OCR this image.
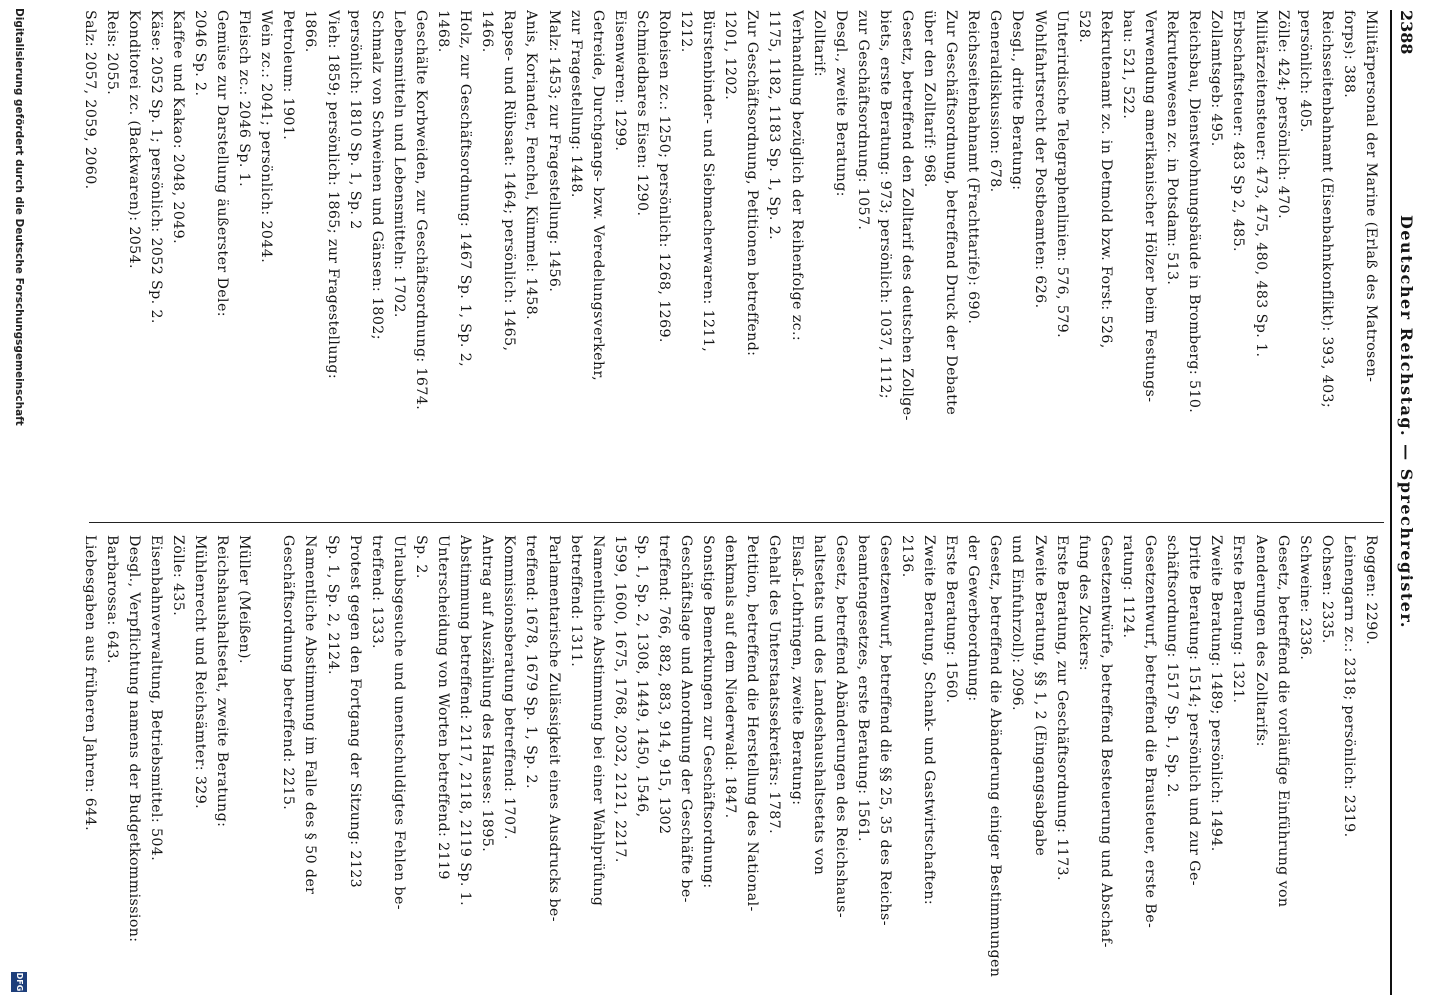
2388
Deutscher Reichstag. — Sprechregister.
Militärpersonal der Marine (Erlaß des Matrosen-
forps): 388.
Reichsseitenbahnamt (Eisenbahnkonflikt): 393, 403;
persönlich: 405.
Zölle: 424; persönlich: 470.
Militärzeitensteuer: 473, 475, 480, 483 Sp. 1.
Erbschaftsteuer: 483 Sp 2, 485.
Zollamtsgeb: 495.
Reichsbau, Dienstwohnungsbäude in Bromberg: 510.
Rekrutenwesen zc. in Potsdam: 513.
Verwendung amerikanischer Hölzer beim Festungs-
bau: 521, 522.
Rekrutenamt zc. in Detmold bzw. Forst: 526,
528.
Unterirdische Telegraphenlinien: 576, 579.
Wohlfahrtsrecht der Postbeamten: 626.
Desgl., dritte Beratung:
Generaldiskussion: 678.
Reichsseitenbahnamt (Frachttarife): 690.
Zur Geschäftsordnung, betreffend Druck der Debatte
über den Zolltarif: 968.
Gesetz, betreffend den Zolltarif des deutschen Zollge-
biets, erste Beratung: 973; persönlich: 1037, 1112;
zur Geschäftsordnung: 1057.
Desgl., zweite Beratung:
Zolltarif:
Verhandlung bezüglich der Reihenfolge zc.:
1175, 1182, 1183 Sp. 1, Sp. 2.
Zur Geschäftsordnung, Petitionen betreffend:
1201, 1202.
Bürstenbinder- und Siebmacherwaren: 1211,
1212.
Roheisen zc.: 1250; persönlich: 1268, 1269.
Schmiedbares Eisen: 1290.
Eisenwaren: 1299.
Getreide, Durchgangs- bzw. Veredelungsverkehr,
zur Fragestellung: 1448.
Malz: 1453; zur Fragestellung: 1456.
Anis, Koriander, Fenchel, Kümmel: 1458.
Rapse- und Rübsaat: 1464; persönlich: 1465,
1466.
Holz, zur Geschäftsordnung: 1467 Sp. 1, Sp. 2,
1468.
Geschälte Korbweiden, zur Geschäftsordnung: 1674.
Lebensmitteln und Lebensmitteln: 1702.
Schmalz von Schweinen und Gänsen: 1802;
persönlich: 1810 Sp. 1, Sp. 2
Vieh: 1859; persönlich: 1865; zur Fragestellung:
1866.
Petroleum: 1901.
Wein zc.: 2041; persönlich: 2044.
Fleisch zc.: 2046 Sp. 1.
Gemüse zur Darstellung äußerster Dele:
2046 Sp. 2.
Kaffee und Kakao: 2048, 2049.
Käse: 2052 Sp. 1; persönlich: 2052 Sp. 2.
Konditorei zc. (Backwaren): 2054.
Reis: 2055.
Salz: 2057, 2059, 2060.
Roggen: 2290.
Leinengarn zc.: 2318; persönlich: 2319.
Ochsen: 2335.
Schweine: 2336.
Gesetz, betreffend die vorläufige Einführung von
Aenderungen des Zolltarifs:
Erste Beratung: 1321.
Zweite Beratung: 1489; persönlich: 1494.
Dritte Beratung: 1514; persönlich und zur Ge-
schäftsordnung: 1517 Sp. 1, Sp. 2.
Gesetzentwurf, betreffend die Brausteuer, erste Be-
ratung: 1124.
Gesetzentwürfe, betreffend Besteuerung und Abschaf-
fung des Zuckers:
Erste Beratung, zur Geschäftsordnung: 1173.
Zweite Beratung, §§ 1, 2 (Eingangsabgabe
und Einfuhrzoll): 2096.
Gesetz, betreffend die Abänderung einiger Bestimmungen
der Gewerbeordnung:
Erste Beratung: 1560.
Zweite Beratung, Schank- und Gastwirtschaften:
2136.
Gesetzentwurf, betreffend die §§ 25, 35 des Reichs-
beamtengesetzes, erste Beratung: 1561.
Gesetz, betreffend Abänderungen des Reichshaus-
haltsetats und des Landeshaushaltsetats von
Elsaß-Lothringen, zweite Beratung:
Gehalt des Unterstaatssekretärs: 1787.
Petition, betreffend die Herstellung des National-
denkmals auf dem Niederwald: 1847.
Sonstige Bemerkungen zur Geschäftsordnung:
Geschäftslage und Anordnung der Geschäfte be-
treffend: 766, 882, 883, 914, 915, 1302
Sp. 1, Sp. 2, 1308, 1449, 1450, 1546,
1599, 1600, 1675, 1768, 2032, 2121, 2217.
Namentliche Abstimmung bei einer Wahlprüfung
betreffend: 1311.
Parlamentarische Zulässigkeit eines Ausdrucks be-
treffend: 1678, 1679 Sp. 1, Sp. 2.
Kommissionsberatung betreffend: 1707.
Antrag auf Auszählung des Hauses: 1895.
Abstimmung betreffend: 2117, 2118, 2119 Sp. 1.
Unterscheidung von Worten betreffend: 2119
Sp. 2.
Urlaubsgesuche und unentschuldigtes Fehlen be-
treffend: 1333.
Protest gegen den Fortgang der Sitzung: 2123
Sp. 1, Sp. 2, 2124.
Namentliche Abstimmung im Falle des § 50 der
Geschäftsordnung betreffend: 2215.

Müller (Meißen).
Reichshaushaltsetat, zweite Beratung:
Mühlenrecht und Reichsämter: 329.
Zölle: 435.
Eisenbahnverwaltung, Betriebsmittel: 504.
Desgl., Verpflichtung namens der Budgetkommission:
Barbarossa: 643.
Liebesgaben aus früheren Jahren: 644.
Digitalisierung gefördert durch die Deutsche Forschungsgemeinschaft
DFG
